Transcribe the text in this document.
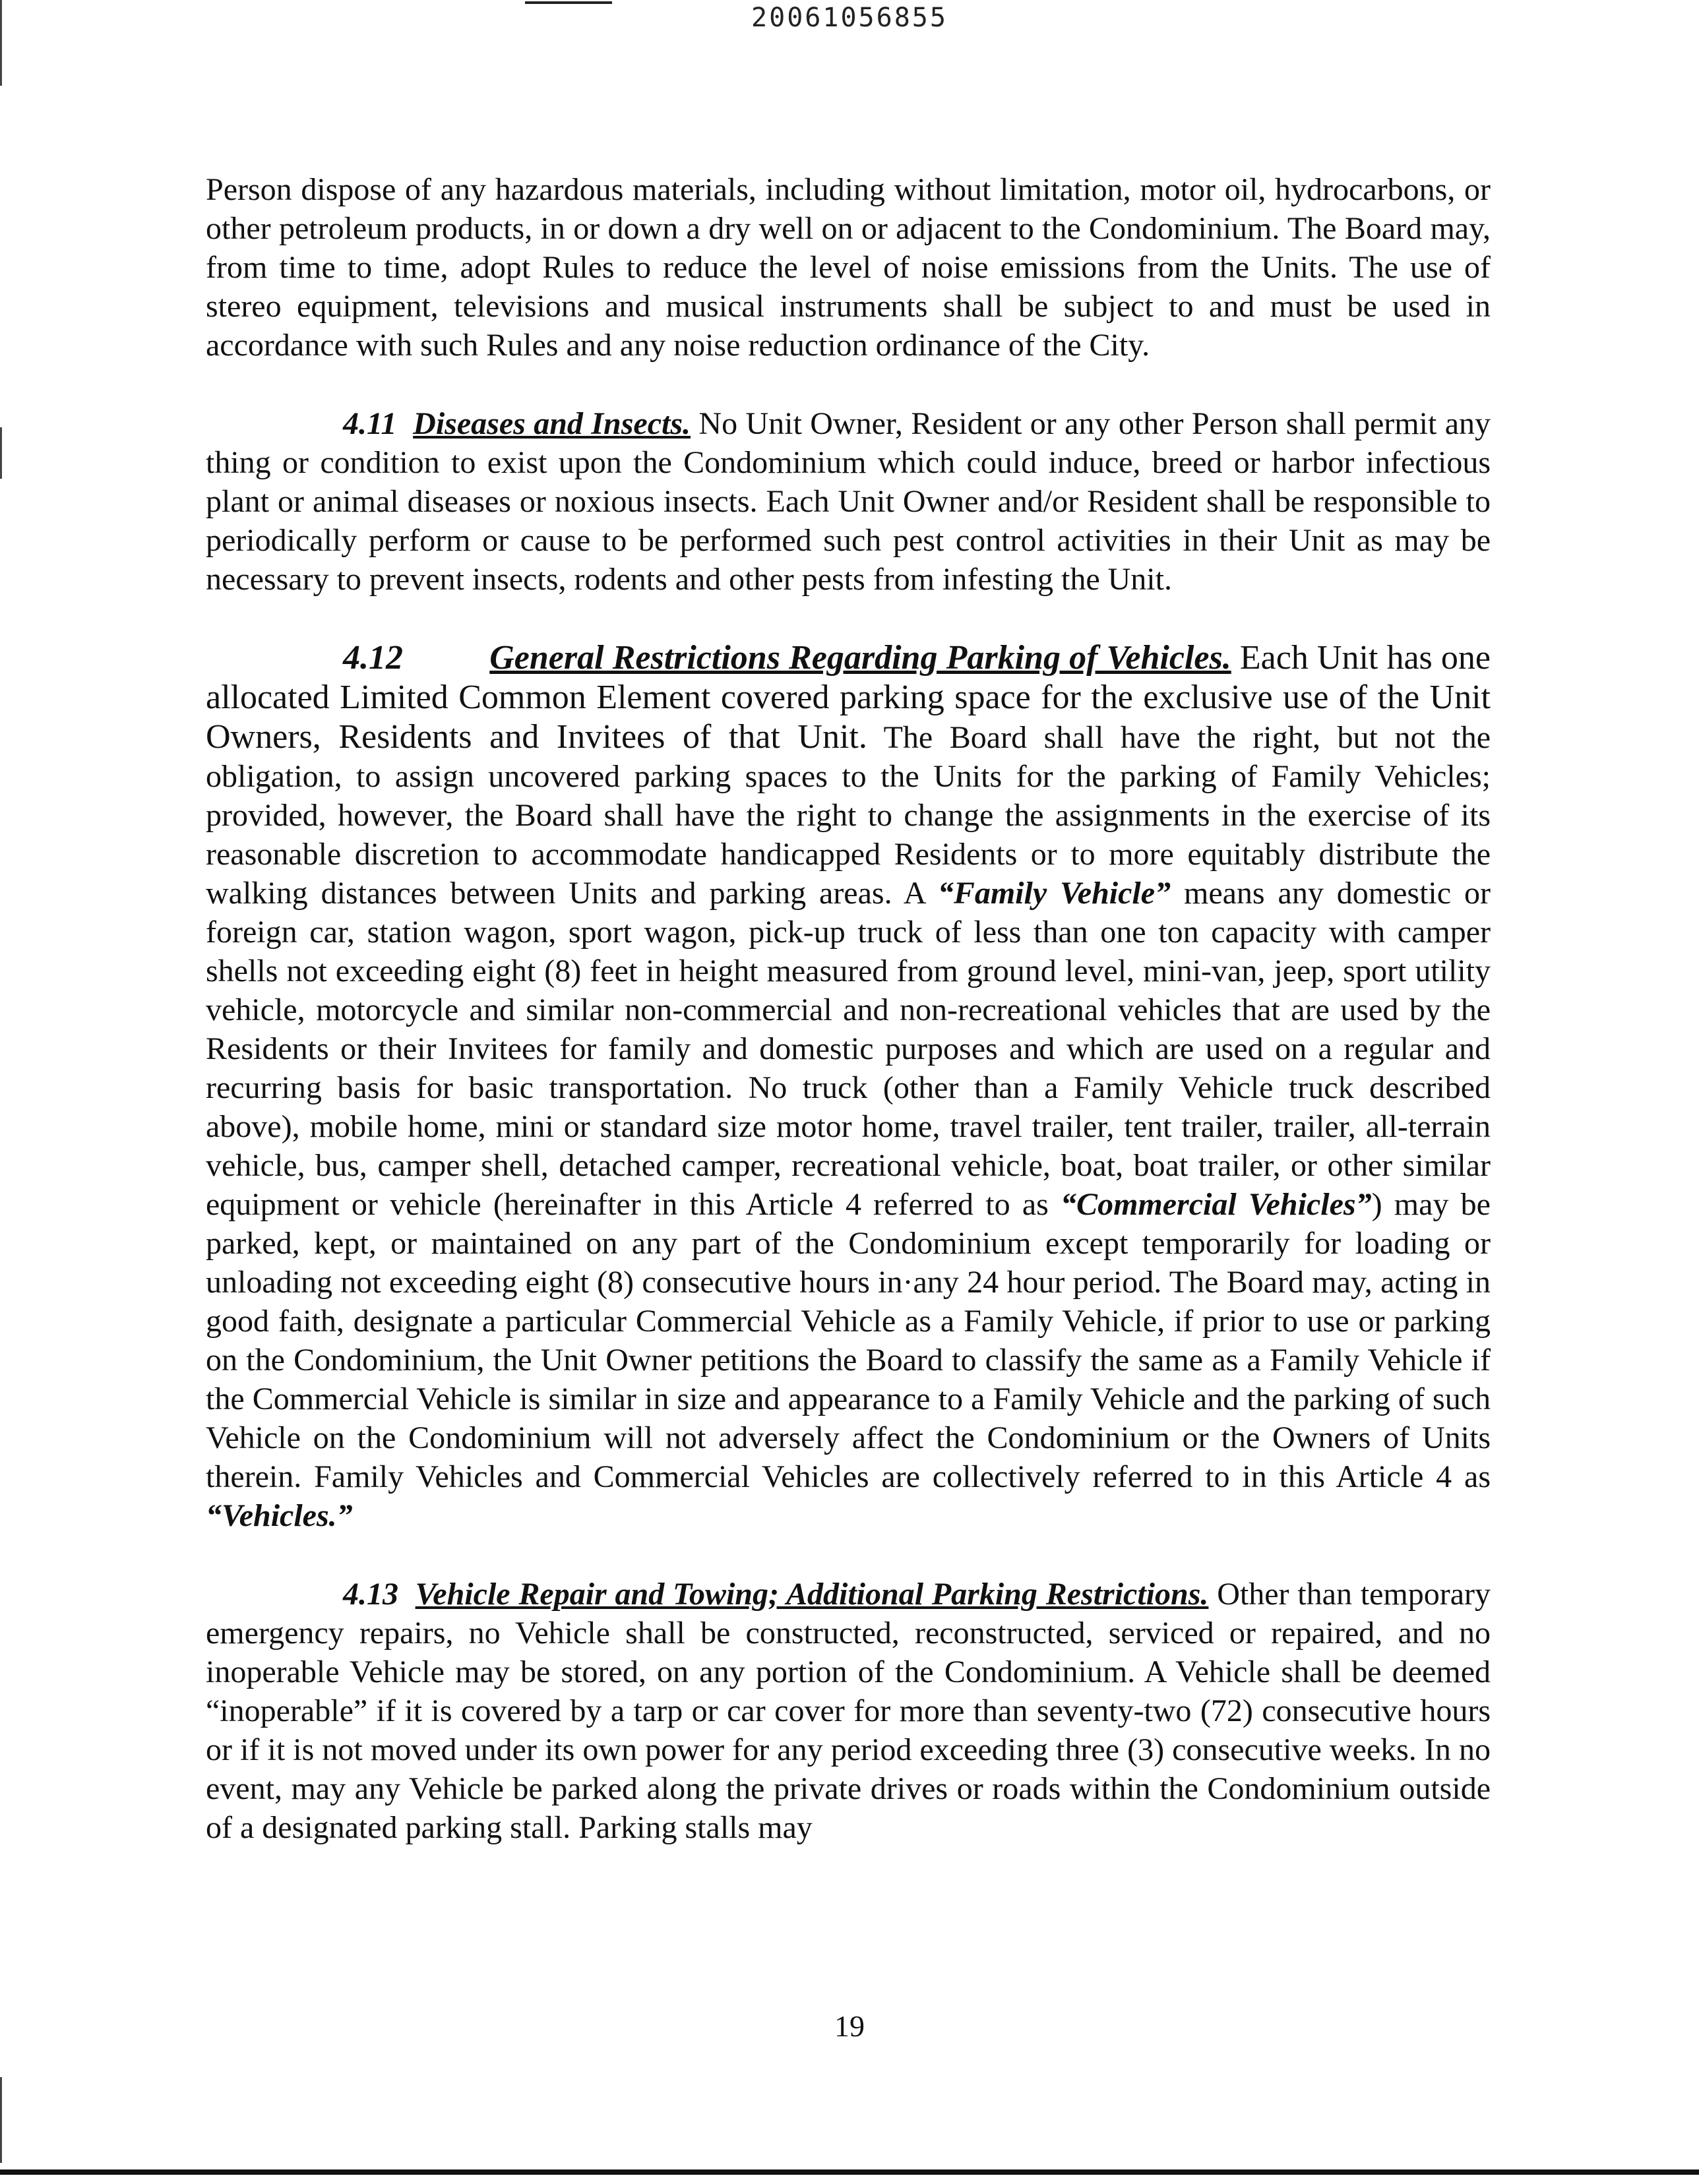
20061056855

Person dispose of any hazardous materials, including without limitation, motor oil, hydrocarbons, or other petroleum products, in or down a dry well on or adjacent to the Condominium. The Board may, from time to time, adopt Rules to reduce the level of noise emissions from the Units. The use of stereo equipment, televisions and musical instruments shall be subject to and must be used in accordance with such Rules and any noise reduction ordinance of the City.

4.11 Diseases and Insects. No Unit Owner, Resident or any other Person shall permit any thing or condition to exist upon the Condominium which could induce, breed or harbor infectious plant or animal diseases or noxious insects. Each Unit Owner and/or Resident shall be responsible to periodically perform or cause to be performed such pest control activities in their Unit as may be necessary to prevent insects, rodents and other pests from infesting the Unit.

4.12	General Restrictions Regarding Parking of Vehicles. Each Unit has one allocated Limited Common Element covered parking space for the exclusive use of the Unit Owners, Residents and Invitees of that Unit. The Board shall have the right, but not the obligation, to assign uncovered parking spaces to the Units for the parking of Family Vehicles; provided, however, the Board shall have the right to change the assignments in the exercise of its reasonable discretion to accommodate handicapped Residents or to more equitably distribute the walking distances between Units and parking areas. A “Family Vehicle” means any domestic or foreign car, station wagon, sport wagon, pick-up truck of less than one ton capacity with camper shells not exceeding eight (8) feet in height measured from ground level, mini-van, jeep, sport utility vehicle, motorcycle and similar non-commercial and non-recreational vehicles that are used by the Residents or their Invitees for family and domestic purposes and which are used on a regular and recurring basis for basic transportation. No truck (other than a Family Vehicle truck described above), mobile home, mini or standard size motor home, travel trailer, tent trailer, trailer, all-terrain vehicle, bus, camper shell, detached camper, recreational vehicle, boat, boat trailer, or other similar equipment or vehicle (hereinafter in this Article 4 referred to as “Commercial Vehicles”) may be parked, kept, or maintained on any part of the Condominium except temporarily for loading or unloading not exceeding eight (8) consecutive hours in·any 24 hour period. The Board may, acting in good faith, designate a particular Commercial Vehicle as a Family Vehicle, if prior to use or parking on the Condominium, the Unit Owner petitions the Board to classify the same as a Family Vehicle if the Commercial Vehicle is similar in size and appearance to a Family Vehicle and the parking of such Vehicle on the Condominium will not adversely affect the Condominium or the Owners of Units therein. Family Vehicles and Commercial Vehicles are collectively referred to in this Article 4 as “Vehicles.”

4.13 Vehicle Repair and Towing; Additional Parking Restrictions. Other than temporary emergency repairs, no Vehicle shall be constructed, reconstructed, serviced or repaired, and no inoperable Vehicle may be stored, on any portion of the Condominium. A Vehicle shall be deemed “inoperable” if it is covered by a tarp or car cover for more than seventy-two (72) consecutive hours or if it is not moved under its own power for any period exceeding three (3) consecutive weeks. In no event, may any Vehicle be parked along the private drives or roads within the Condominium outside of a designated parking stall. Parking stalls may

19
